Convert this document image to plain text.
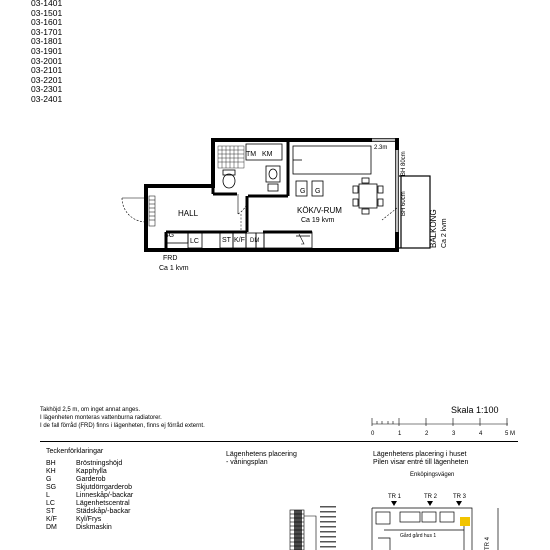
03-1401
03-1501
03-1601
03-1701
03-1801
03-1901
03-2001
03-2101
03-2201
03-2301
03-2401
HALL
FRD
Ca 1 kvm
KÖK/V-RUM
Ca 19 kvm
G G
SG
LC	ST K/F DM
TM KM
2.3m
BH 80cm
BH 60cm
BALKONG Ca 2 kvm
Takhöjd 2,5 m, om inget annat anges.
I lägenheten monteras vattenburna radiatorer.
I de fall förråd (FRD) finns i lägenheten, finns ej förråd externt.
Skala 1:100
0	1	2	3	4	5 M
Teckenförklaringar
BH	Bröstningshöjd
KH	Kapphylla
G	Garderob
SG	Skjutdörrgarderob
L	Linneskåp/-backar
LC	Lägenhetscentral
ST	Städskåp/-backar
K/F	Kyl/Frys
DM	Diskmaskin
Lägenhetens placering
- våningsplan
Lägenhetens placering i huset
Pilen visar entré till lägenheten
Enköpingsvägen
TR 1	TR 2	TR 3
Gård gård hus 1
TR 4
